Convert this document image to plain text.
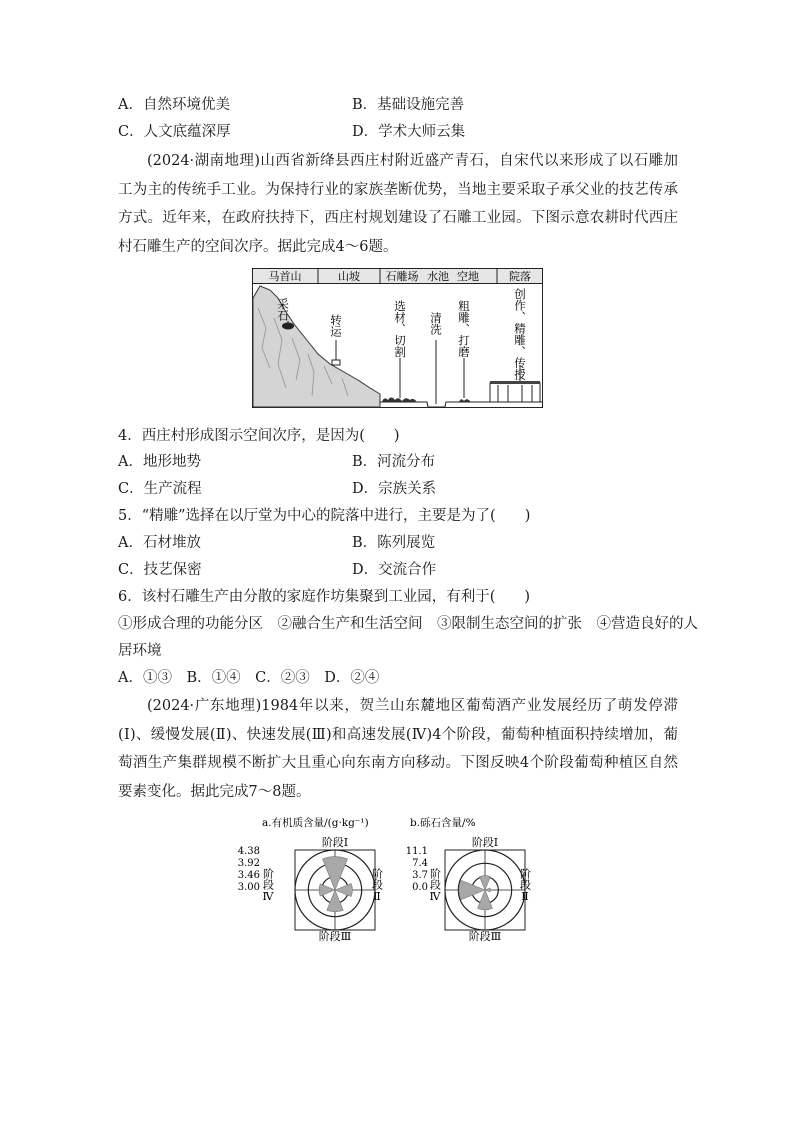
A．自然环境优美	B．基础设施完善
C．人文底蕴深厚	D．学术大师云集
(2024·湖南地理)山西省新绛县西庄村附近盛产青石，自宋代以来形成了以石雕加工为主的传统手工业。为保持行业的家族垄断优势，当地主要采取子承父业的技艺传承方式。近年来，在政府扶持下，西庄村规划建设了石雕工业园。下图示意农耕时代西庄村石雕生产的空间次序。据此完成4～6题。
马首山	山坡 石雕场 水池 空地	院落
采石
转运	选材、切割 清洗 粗雕、打磨	创作、精雕、传授
4．西庄村形成图示空间次序，是因为(　　)
A．地形地势	B．河流分布
C．生产流程	D．宗族关系
5．“精雕”选择在以厅堂为中心的院落中进行，主要是为了(　　)
A．石材堆放	B．陈列展览
C．技艺保密	D．交流合作
6．该村石雕生产由分散的家庭作坊集聚到工业园，有利于(　　)
①形成合理的功能分区　②融合生产和生活空间　③限制生态空间的扩张　④营造良好的人
居环境
A．①③　B．①④　C．②③　D．②④
(2024·广东地理)1984年以来，贺兰山东麓地区葡萄酒产业发展经历了萌发停滞(Ⅰ)、缓慢发展(Ⅱ)、快速发展(Ⅲ)和高速发展(Ⅳ)4个阶段，葡萄种植面积持续增加，葡萄酒生产集群规模不断扩大且重心向东南方向移动。下图反映4个阶段葡萄种植区自然要素变化。据此完成7～8题。
a.有机质含量/(g·kg⁻¹)
4.38
3.92
3.46
3.00
阶段Ⅰ
阶段Ⅲ
阶段Ⅳ	阶段Ⅱ
b.砾石含量/%
11.1
7.4
3.7
0.0
阶段Ⅰ
阶段Ⅲ
阶段Ⅳ	阶段Ⅱ
